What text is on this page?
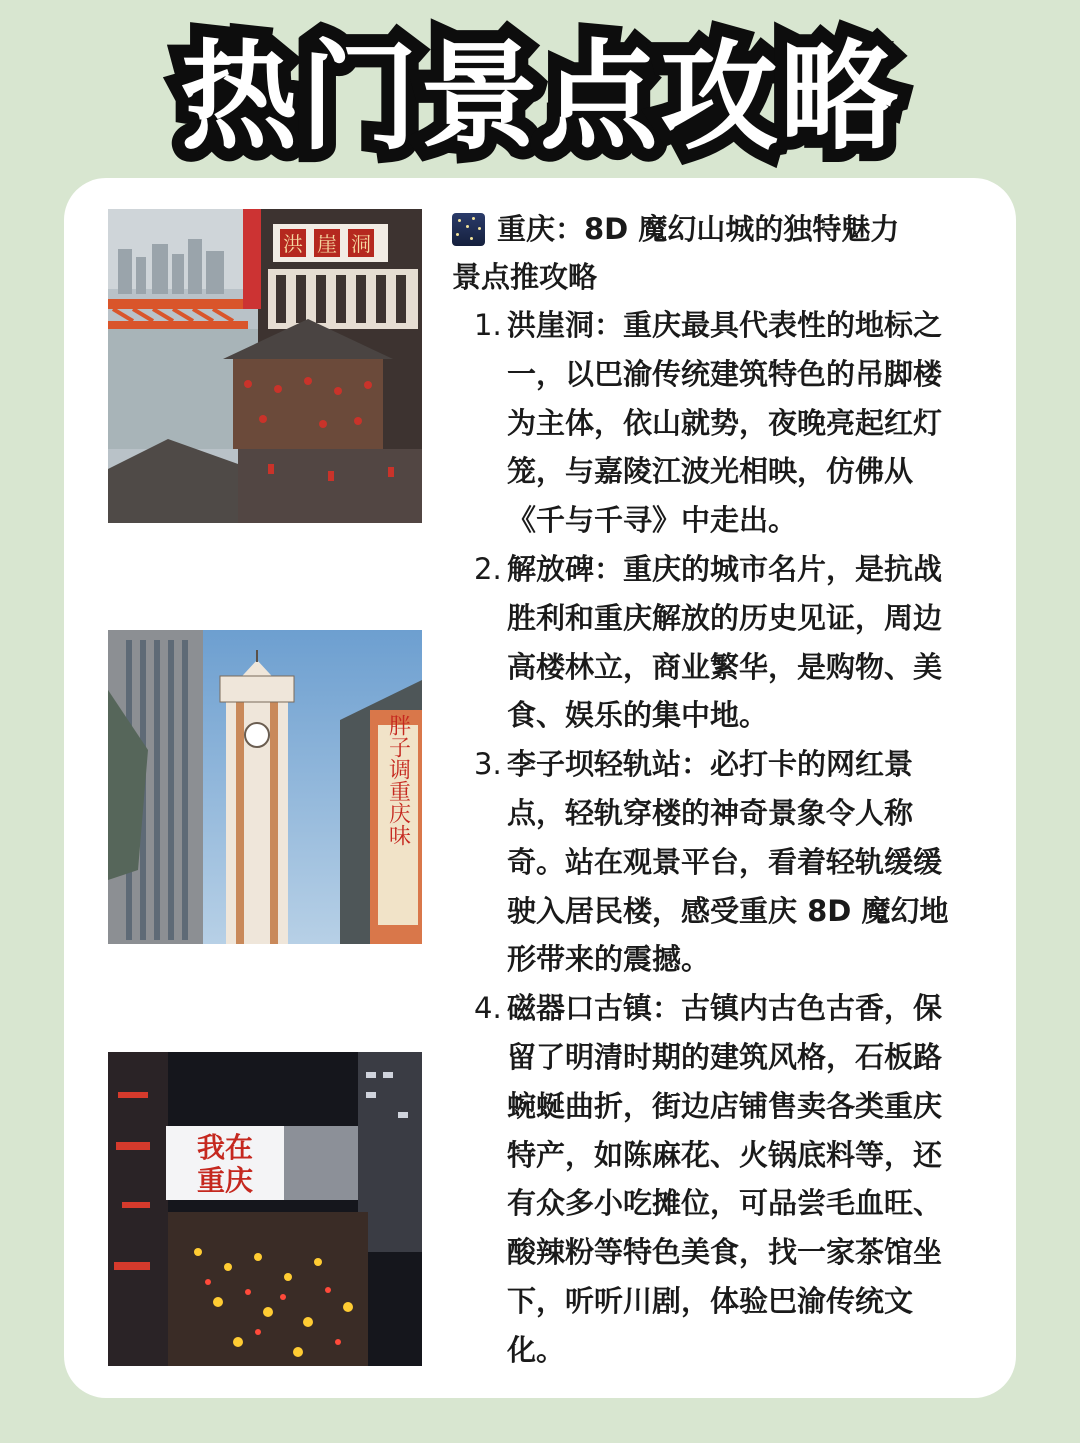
热门景点攻略
洪 崖 洞
胖子调重庆味
我在
重庆
重庆：8D 魔幻山城的独特魅力
景点推攻略
1. 洪崖洞：重庆最具代表性的地标之一，以巴渝传统建筑特色的吊脚楼为主体，依山就势，夜晚亮起红灯笼，与嘉陵江波光相映，仿佛从《千与千寻》中走出。
2. 解放碑：重庆的城市名片，是抗战胜利和重庆解放的历史见证，周边高楼林立，商业繁华，是购物、美食、娱乐的集中地。
3. 李子坝轻轨站：必打卡的网红景点，轻轨穿楼的神奇景象令人称奇。站在观景平台，看着轻轨缓缓驶入居民楼，感受重庆 8D 魔幻地形带来的震撼。
4. 磁器口古镇：古镇内古色古香，保留了明清时期的建筑风格，石板路蜿蜒曲折，街边店铺售卖各类重庆特产，如陈麻花、火锅底料等，还有众多小吃摊位，可品尝毛血旺、酸辣粉等特色美食，找一家茶馆坐下，听听川剧，体验巴渝传统文化。
